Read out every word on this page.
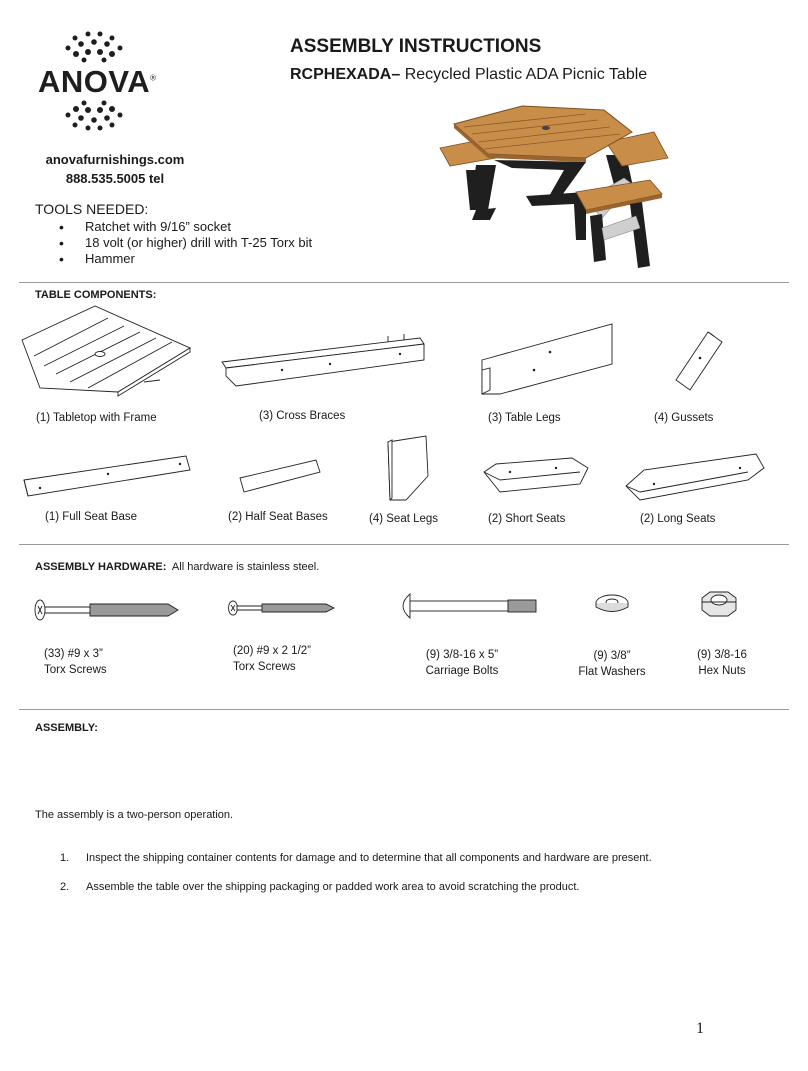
ANOVA®
ASSEMBLY INSTRUCTIONS
RCPHEXADA– Recycled Plastic ADA Picnic Table
anovafurnishings.com
888.535.5005 tel
TOOLS NEEDED:
• Ratchet with 9/16” socket
• 18 volt (or higher) drill with T-25 Torx bit
• Hammer
TABLE COMPONENTS:
(1) Tabletop with Frame	(3) Cross Braces	(3) Table Legs	(4) Gussets
(1) Full Seat Base	(2) Half Seat Bases	(4) Seat Legs	(2) Short Seats	(2) Long Seats
ASSEMBLY HARDWARE: All hardware is stainless steel.
(33) #9 x 3”
Torx Screws
(20) #9 x 2 1/2”
Torx Screws
(9) 3/8-16 x 5”
Carriage Bolts
(9) 3/8”
Flat Washers
(9) 3/8-16
Hex Nuts
ASSEMBLY:
The assembly is a two-person operation.
1. Inspect the shipping container contents for damage and to determine that all components and hardware are present.
2. Assemble the table over the shipping packaging or padded work area to avoid scratching the product.
1
